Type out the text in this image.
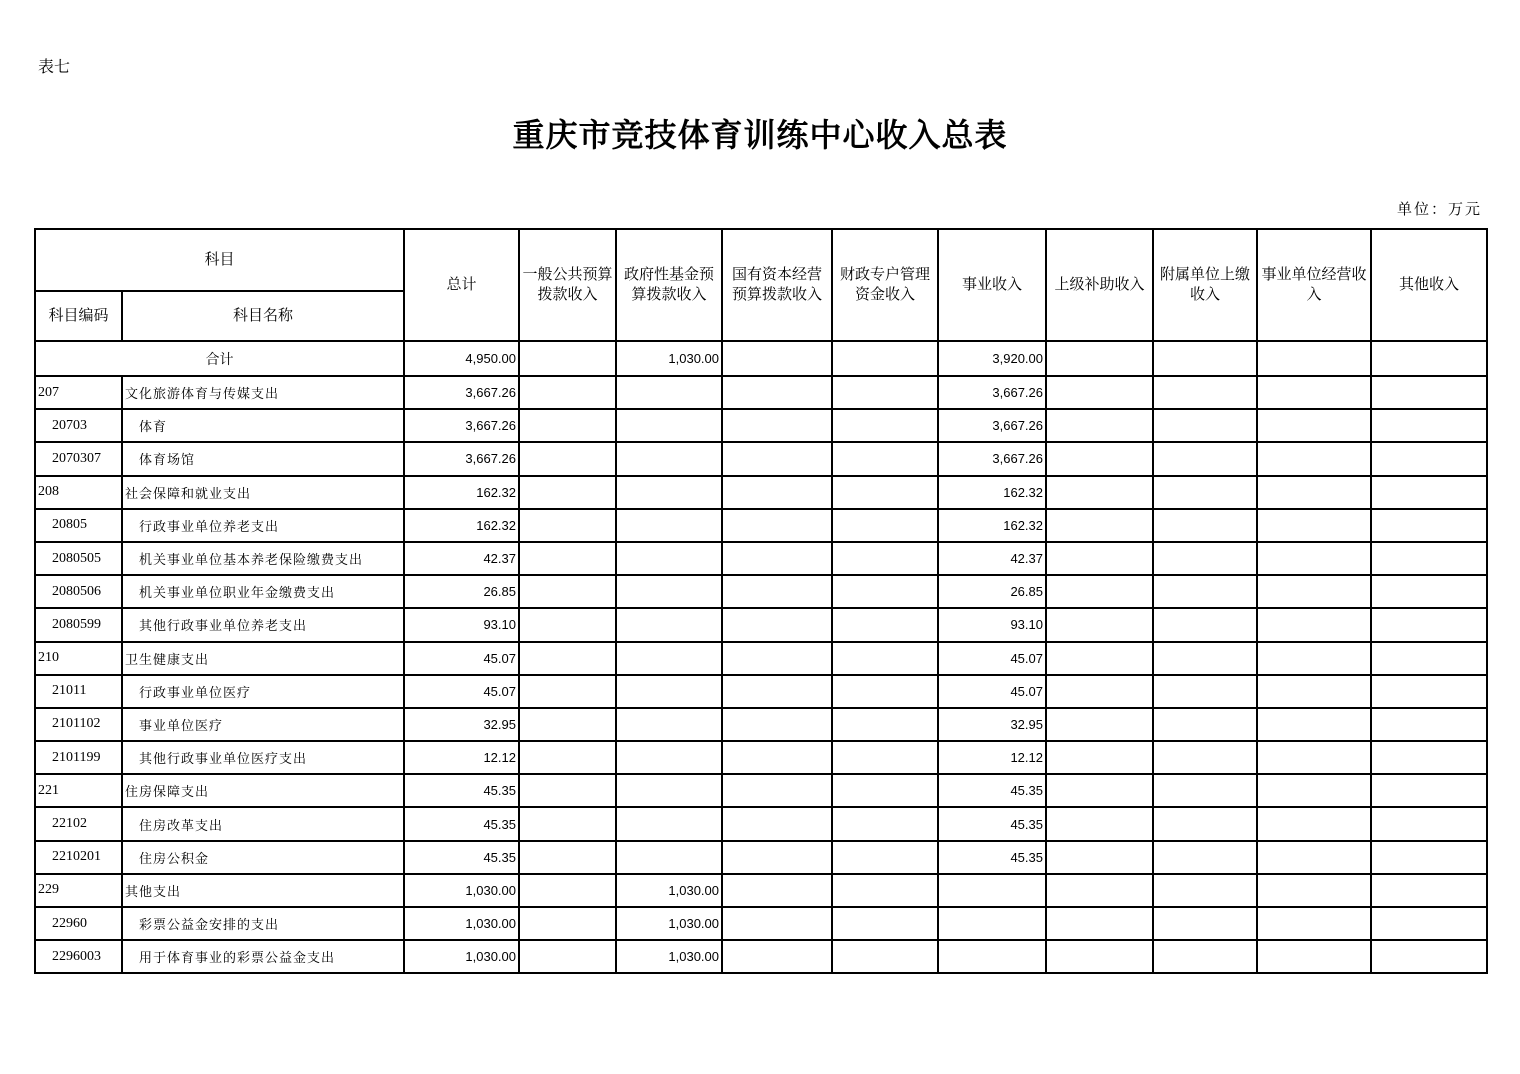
表七
重庆市竞技体育训练中心收入总表
单位：万元
科目		总计	一般公共预算拨款收入	政府性基金预算拨款收入	国有资本经营预算拨款收入	财政专户管理资金收入	事业收入	上级补助收入	附属单位上缴收入	事业单位经营收入	其他收入
科目编码	科目名称										
合计		4,950.00		1,030.00			3,920.00				
207	文化旅游体育与传媒支出	3,667.26					3,667.26				
20703	体育	3,667.26					3,667.26				
2070307	体育场馆	3,667.26					3,667.26				
208	社会保障和就业支出	162.32					162.32				
20805	行政事业单位养老支出	162.32					162.32				
2080505	机关事业单位基本养老保险缴费支出	42.37					42.37				
2080506	机关事业单位职业年金缴费支出	26.85					26.85				
2080599	其他行政事业单位养老支出	93.10					93.10				
210	卫生健康支出	45.07					45.07				
21011	行政事业单位医疗	45.07					45.07				
2101102	事业单位医疗	32.95					32.95				
2101199	其他行政事业单位医疗支出	12.12					12.12				
221	住房保障支出	45.35					45.35				
22102	住房改革支出	45.35					45.35				
2210201	住房公积金	45.35					45.35				
229	其他支出	1,030.00		1,030.00							
22960	彩票公益金安排的支出	1,030.00		1,030.00							
2296003	用于体育事业的彩票公益金支出	1,030.00		1,030.00							
